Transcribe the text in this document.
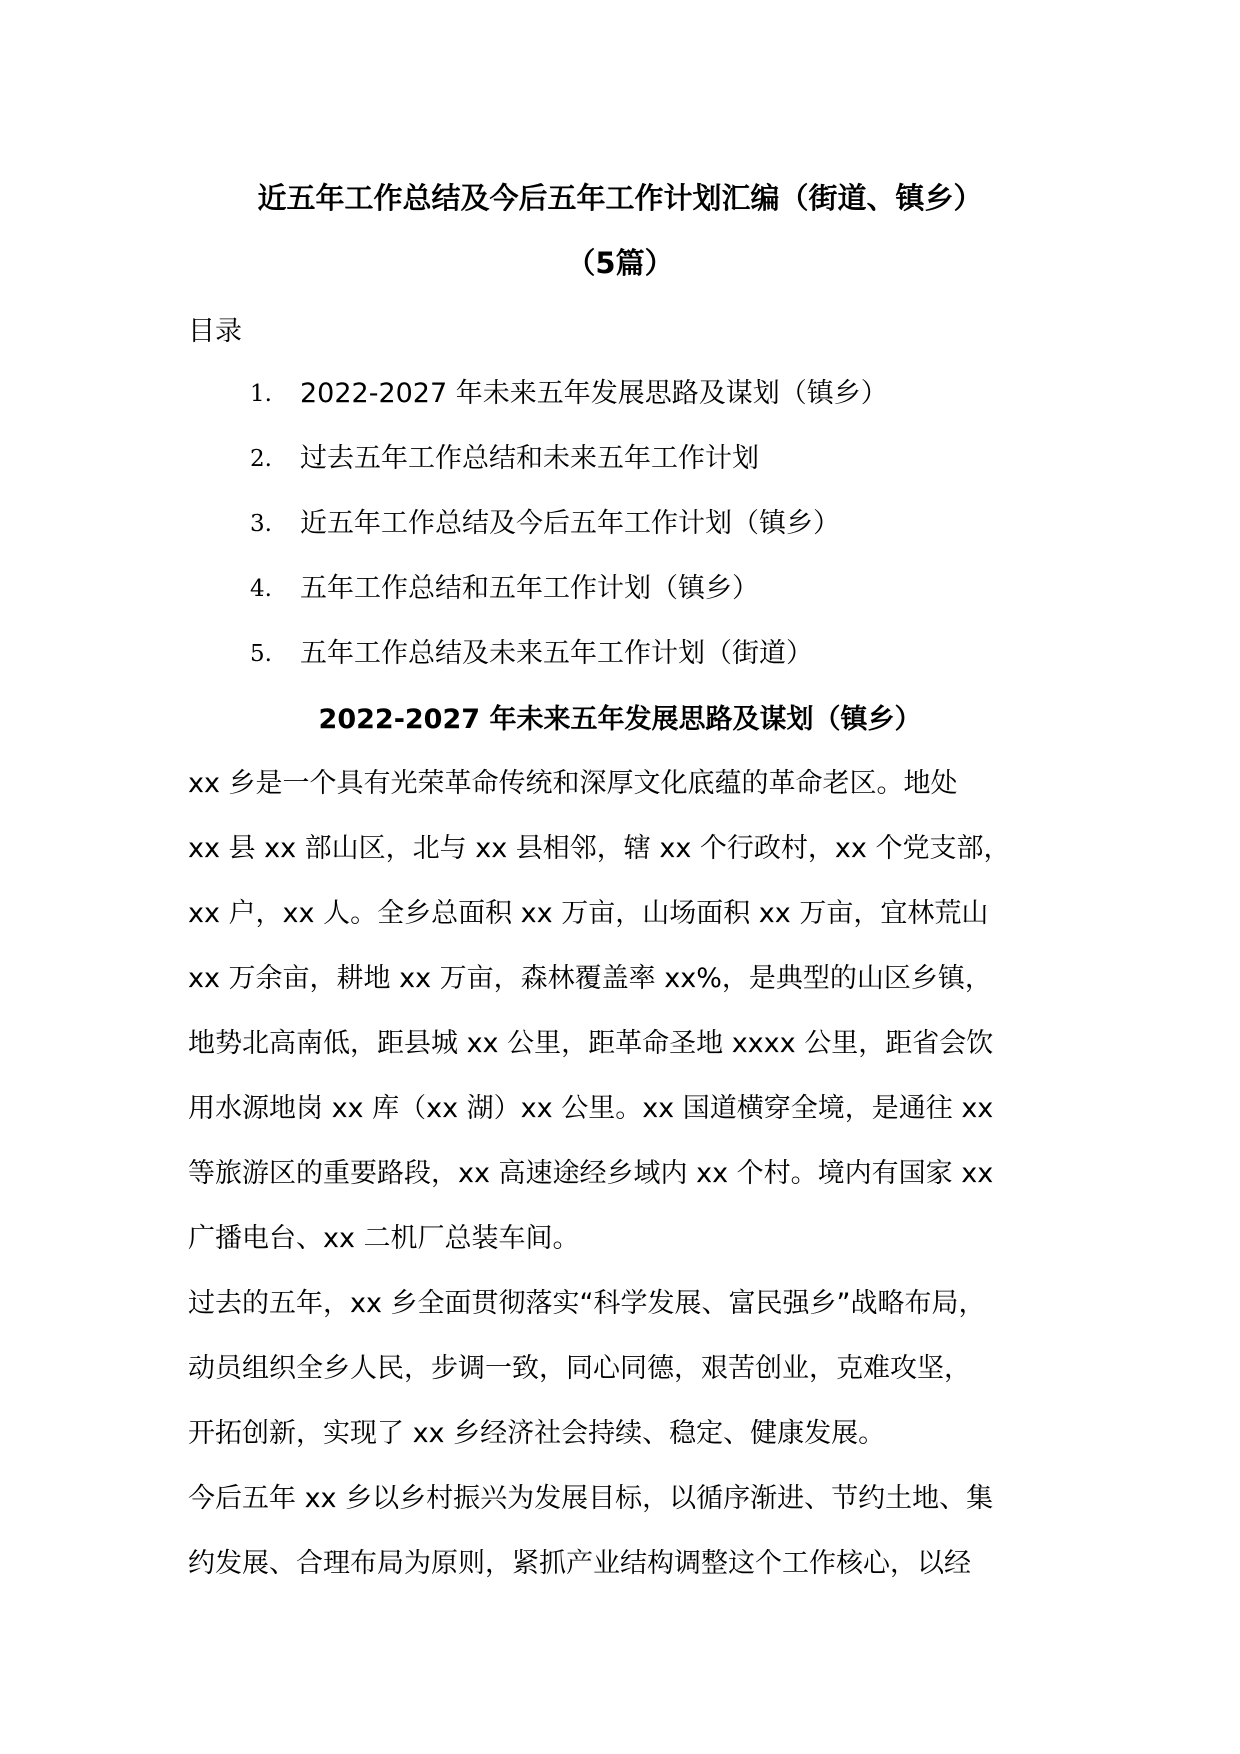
近五年工作总结及今后五年工作计划汇编（街道、镇乡）
（5篇）
目录
1.	2022-2027 年未来五年发展思路及谋划（镇乡）
2.	过去五年工作总结和未来五年工作计划
3.	近五年工作总结及今后五年工作计划（镇乡）
4.	五年工作总结和五年工作计划（镇乡）
5.	五年工作总结及未来五年工作计划（街道）
2022-2027 年未来五年发展思路及谋划（镇乡）
xx 乡是一个具有光荣革命传统和深厚文化底蕴的革命老区。地处
xx 县 xx 部山区，北与 xx 县相邻，辖 xx 个行政村，xx 个党支部，
xx 户，xx 人。全乡总面积 xx 万亩，山场面积 xx 万亩，宜林荒山
xx 万余亩，耕地 xx 万亩，森林覆盖率 xx%，是典型的山区乡镇，
地势北高南低，距县城 xx 公里，距革命圣地 xxxx 公里，距省会饮
用水源地岗 xx 库（xx 湖）xx 公里。xx 国道横穿全境，是通往 xx
等旅游区的重要路段，xx 高速途经乡域内 xx 个村。境内有国家 xx
广播电台、xx 二机厂总装车间。
过去的五年，xx 乡全面贯彻落实“科学发展、富民强乡”战略布局，
动员组织全乡人民，步调一致，同心同德，艰苦创业，克难攻坚，
开拓创新，实现了 xx 乡经济社会持续、稳定、健康发展。
今后五年 xx 乡以乡村振兴为发展目标，以循序渐进、节约土地、集
约发展、合理布局为原则，紧抓产业结构调整这个工作核心，以经
